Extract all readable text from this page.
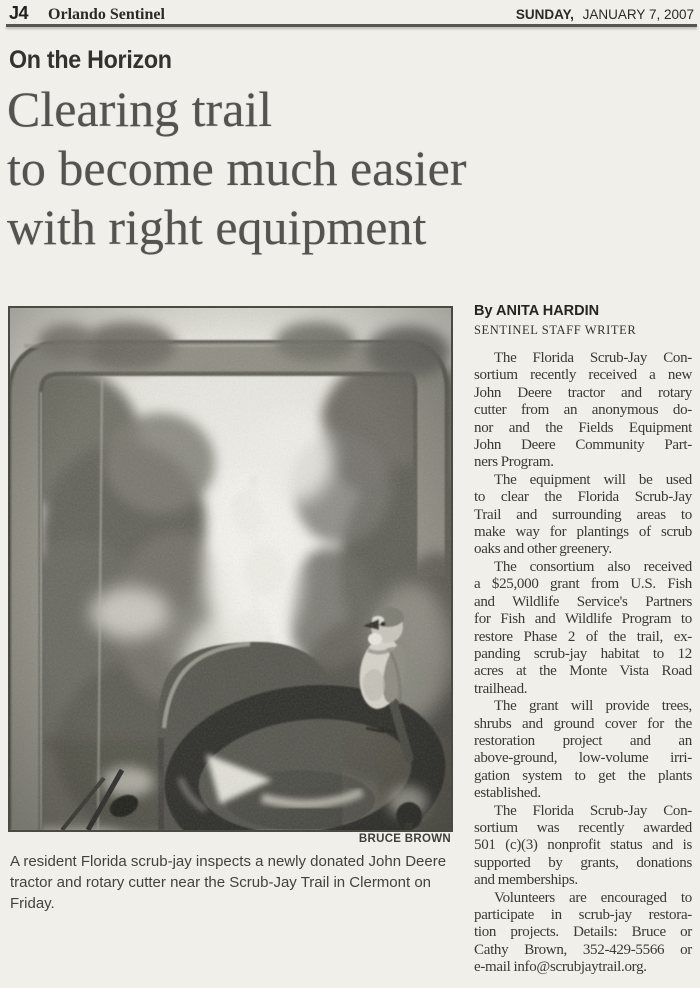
J4 Orlando Sentinel	SUNDAY, JANUARY 7, 2007
On the Horizon
Clearing trail
to become much easier
with right equipment
BRUCE BROWN
A resident Florida scrub-jay inspects a newly donated John Deere
tractor and rotary cutter near the Scrub-Jay Trail in Clermont on Friday.
By ANITA HARDIN
SENTINEL STAFF WRITER

The Florida Scrub-Jay Con-
sortium recently received a new
John Deere tractor and rotary
cutter from an anonymous do-
nor and the Fields Equipment
John Deere Community Part-
ners Program.

The equipment will be used
to clear the Florida Scrub-Jay
Trail and surrounding areas to
make way for plantings of scrub
oaks and other greenery.

The consortium also received
a $25,000 grant from U.S. Fish
and Wildlife Service's Partners
for Fish and Wildlife Program to
restore Phase 2 of the trail, ex-
panding scrub-jay habitat to 12
acres at the Monte Vista Road
trailhead.

The grant will provide trees,
shrubs and ground cover for the
restoration project and an
above-ground, low-volume irri-
gation system to get the plants
established.

The Florida Scrub-Jay Con-
sortium was recently awarded
501 (c)(3) nonprofit status and is
supported by grants, donations
and memberships.

Volunteers are encouraged to
participate in scrub-jay restora-
tion projects. Details: Bruce or
Cathy Brown, 352-429-5566 or
e-mail info@scrubjaytrail.org.
